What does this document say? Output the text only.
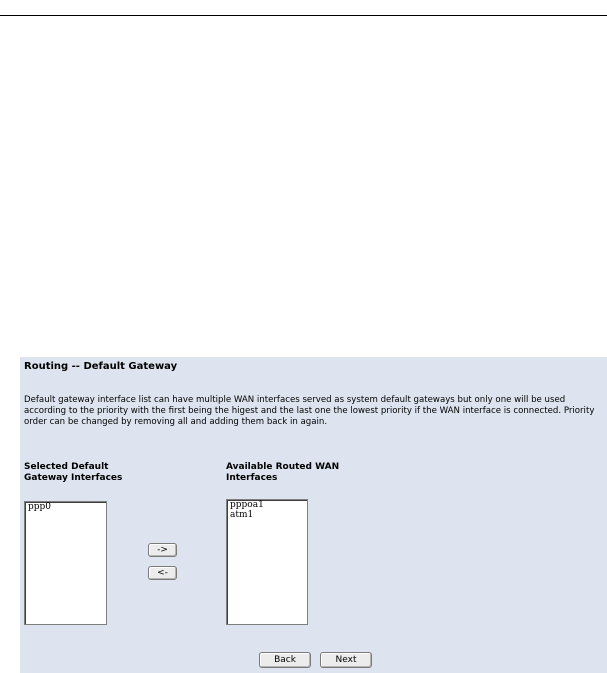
Routing -- Default Gateway
Default gateway interface list can have multiple WAN interfaces served as system default gateways but only one will be used according to the priority with the first being the higest and the last one the lowest priority if the WAN interface is connected. Priority order can be changed by removing all and adding them back in again.
Selected Default
Gateway Interfaces
Available Routed WAN
Interfaces
ppp0	pppoa1
atm1
->
<-
Back	Next
